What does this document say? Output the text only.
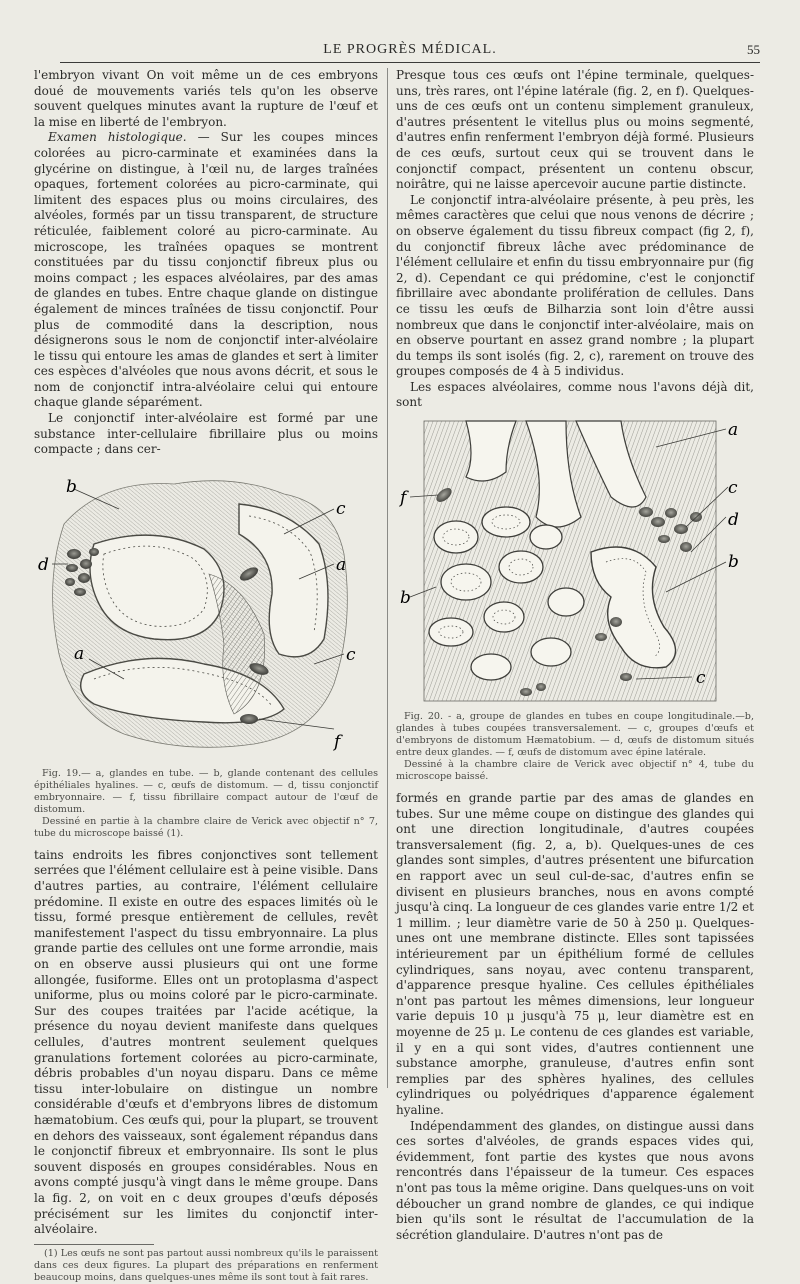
LE PROGRÈS MÉDICAL.	55

l'embryon vivant On voit même un de ces embryons doué de mouvements variés tels qu'on les observe souvent quelques minutes avant la rupture de l'œuf et la mise en liberté de l'embryon.

Examen histologique. — Sur les coupes minces colorées au picro-carminate et examinées dans la glycérine on distingue, à l'œil nu, de larges traînées opaques, fortement colorées au picro-carminate, qui limitent des espaces plus ou moins circulaires, des alvéoles, formés par un tissu transparent, de structure réticulée, faiblement coloré au picro-carminate. Au microscope, les traînées opaques se montrent constituées par du tissu conjonctif fibreux plus ou moins compact ; les espaces alvéolaires, par des amas de glandes en tubes. Entre chaque glande on distingue également de minces traînées de tissu conjonctif. Pour plus de commodité dans la description, nous désignerons sous le nom de conjonctif inter-alvéolaire le tissu qui entoure les amas de glandes et sert à limiter ces espèces d'alvéoles que nous avons décrit, et sous le nom de conjonctif intra-alvéolaire celui qui entoure chaque glande séparément.

Le conjonctif inter-alvéolaire est formé par une substance inter-cellulaire fibrillaire plus ou moins compacte ; dans cer-

b
c
d	a
a	c
f

Fig. 19.— a, glandes en tube. — b, glande contenant des cellules épithéliales hyalines. — c, œufs de distomum. — d, tissu conjonctif embryonnaire. — f, tissu fibrillaire compact autour de l'œuf de distomum.

Dessiné en partie à la chambre claire de Verick avec objectif n° 7, tube du microscope baissé (1).

tains endroits les fibres conjonctives sont tellement serrées que l'élément cellulaire est à peine visible. Dans d'autres parties, au contraire, l'élément cellulaire prédomine. Il existe en outre des espaces limités où le tissu, formé presque entièrement de cellules, revêt manifestement l'aspect du tissu embryonnaire. La plus grande partie des cellules ont une forme arrondie, mais on en observe aussi plusieurs qui ont une forme allongée, fusiforme. Elles ont un protoplasma d'aspect uniforme, plus ou moins coloré par le picro-carminate. Sur des coupes traitées par l'acide acétique, la présence du noyau devient manifeste dans quelques cellules, d'autres montrent seulement quelques granulations fortement colorées au picro-carminate, débris probables d'un noyau disparu. Dans ce même tissu inter-lobulaire on distingue un nombre considérable d'œufs et d'embryons libres de distomum hæmatobium. Ces œufs qui, pour la plupart, se trouvent en dehors des vaisseaux, sont également répandus dans le conjonctif fibreux et embryonnaire. Ils sont le plus souvent disposés en groupes considérables. Nous en avons compté jusqu'à vingt dans le même groupe. Dans la fig. 2, on voit en c deux groupes d'œufs déposés précisément sur les limites du conjonctif inter-alvéolaire.

(1) Les œufs ne sont pas partout aussi nombreux qu'ils le paraissent dans ces deux figures. La plupart des préparations en renferment beaucoup moins, dans quelques-unes même ils sont tout à fait rares.

Presque tous ces œufs ont l'épine terminale, quelques-uns, très rares, ont l'épine latérale (fig. 2, en f). Quelques-uns de ces œufs ont un contenu simplement granuleux, d'autres présentent le vitellus plus ou moins segmenté, d'autres enfin renferment l'embryon déjà formé. Plusieurs de ces œufs, surtout ceux qui se trouvent dans le conjonctif compact, présentent un contenu obscur, noirâtre, qui ne laisse apercevoir aucune partie distincte.

Le conjonctif intra-alvéolaire présente, à peu près, les mêmes caractères que celui que nous venons de décrire ; on observe également du tissu fibreux compact (fig 2, f), du conjonctif fibreux lâche avec prédominance de l'élément cellulaire et enfin du tissu embryonnaire pur (fig 2, d). Cependant ce qui prédomine, c'est le conjonctif fibrillaire avec abondante prolifération de cellules. Dans ce tissu les œufs de Bilharzia sont loin d'être aussi nombreux que dans le conjonctif inter-alvéolaire, mais on en observe pourtant en assez grand nombre ; la plupart du temps ils sont isolés (fig. 2, c), rarement on trouve des groupes composés de 4 à 5 individus.

Les espaces alvéolaires, comme nous l'avons déjà dit, sont

a
f	c
d
b
b
c

Fig. 20. - a, groupe de glandes en tubes en coupe longitudinale.—b, glandes à tubes coupées transversalement. — c, groupes d'œufs et d'embryons de distomum Hæmatobium. — d, œufs de distomum situés entre deux glandes. — f, œufs de distomum avec épine latérale.

Dessiné à la chambre claire de Verick avec objectif n° 4, tube du microscope baissé.

formés en grande partie par des amas de glandes en tubes. Sur une même coupe on distingue des glandes qui ont une direction longitudinale, d'autres coupées transversalement (fig. 2, a, b). Quelques-unes de ces glandes sont simples, d'autres présentent une bifurcation en rapport avec un seul cul-de-sac, d'autres enfin se divisent en plusieurs branches, nous en avons compté jusqu'à cinq. La longueur de ces glandes varie entre 1/2 et 1 millim. ; leur diamètre varie de 50 à 250 μ. Quelques-unes ont une membrane distincte. Elles sont tapissées intérieurement par un épithélium formé de cellules cylindriques, sans noyau, avec contenu transparent, d'apparence presque hyaline. Ces cellules épithéliales n'ont pas partout les mêmes dimensions, leur longueur varie depuis 10 μ jusqu'à 75 μ, leur diamètre est en moyenne de 25 μ. Le contenu de ces glandes est variable, il y en a qui sont vides, d'autres contiennent une substance amorphe, granuleuse, d'autres enfin sont remplies par des sphères hyalines, des cellules cylindriques ou polyédriques d'apparence également hyaline.

Indépendamment des glandes, on distingue aussi dans ces sortes d'alvéoles, de grands espaces vides qui, évidemment, font partie des kystes que nous avons rencontrés dans l'épaisseur de la tumeur. Ces espaces n'ont pas tous la même origine. Dans quelques-uns on voit déboucher un grand nombre de glandes, ce qui indique bien qu'ils sont le résultat de l'accumulation de la sécrétion glandulaire. D'autres n'ont pas de
